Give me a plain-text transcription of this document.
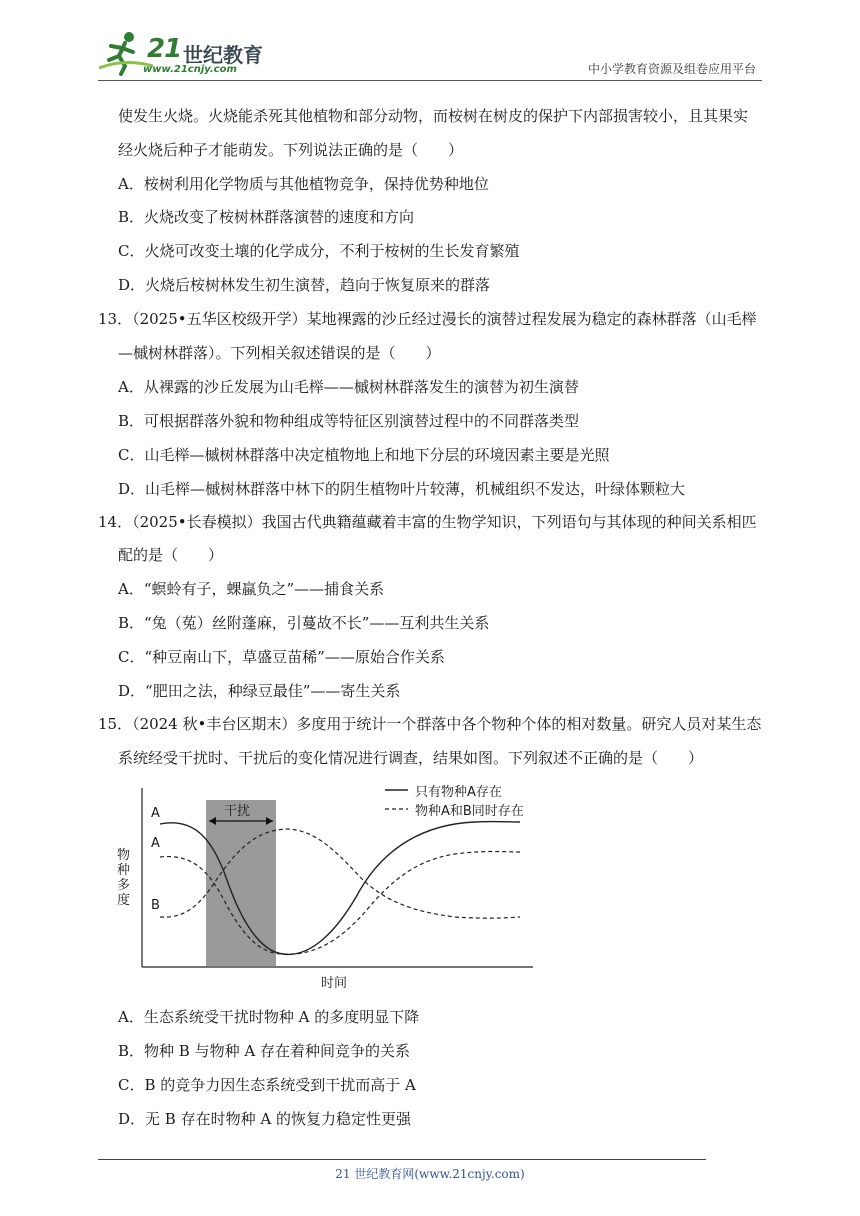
21 世纪教育
www.21cnjy.com	中小学教育资源及组卷应用平台
使发生火烧。火烧能杀死其他植物和部分动物，而桉树在树皮的保护下内部损害较小，且其果实
经火烧后种子才能萌发。下列说法正确的是（　　）
A．桉树利用化学物质与其他植物竞争，保持优势种地位
B．火烧改变了桉树林群落演替的速度和方向
C．火烧可改变土壤的化学成分，不利于桉树的生长发育繁殖
D．火烧后桉树林发生初生演替，趋向于恢复原来的群落
13．（2025•五华区校级开学）某地裸露的沙丘经过漫长的演替过程发展为稳定的森林群落（山毛榉
—槭树林群落）。下列相关叙述错误的是（　　）
A．从裸露的沙丘发展为山毛榉——槭树林群落发生的演替为初生演替
B．可根据群落外貌和物种组成等特征区别演替过程中的不同群落类型
C．山毛榉—槭树林群落中决定植物地上和地下分层的环境因素主要是光照
D．山毛榉—槭树林群落中林下的阴生植物叶片较薄，机械组织不发达，叶绿体颗粒大
14．（2025•长春模拟）我国古代典籍蕴藏着丰富的生物学知识，下列语句与其体现的种间关系相匹
配的是（　　）
A．“螟蛉有子，蜾蠃负之”——捕食关系
B．“兔（菟）丝附蓬麻，引蔓故不长”——互利共生关系
C．“种豆南山下，草盛豆苗稀”——原始合作关系
D．“肥田之法，种绿豆最佳”——寄生关系
15．（2024 秋•丰台区期末）多度用于统计一个群落中各个物种个体的相对数量。研究人员对某生态
系统经受干扰时、干扰后的变化情况进行调查，结果如图。下列叙述不正确的是（　　）
只有物种A存在
物种A和B同时存在
干扰
A
A
B
物种多度
时间
A．生态系统受干扰时物种 A 的多度明显下降
B．物种 B 与物种 A 存在着种间竞争的关系
C．B 的竞争力因生态系统受到干扰而高于 A
D．无 B 存在时物种 A 的恢复力稳定性更强
21 世纪教育网(www.21cnjy.com)
